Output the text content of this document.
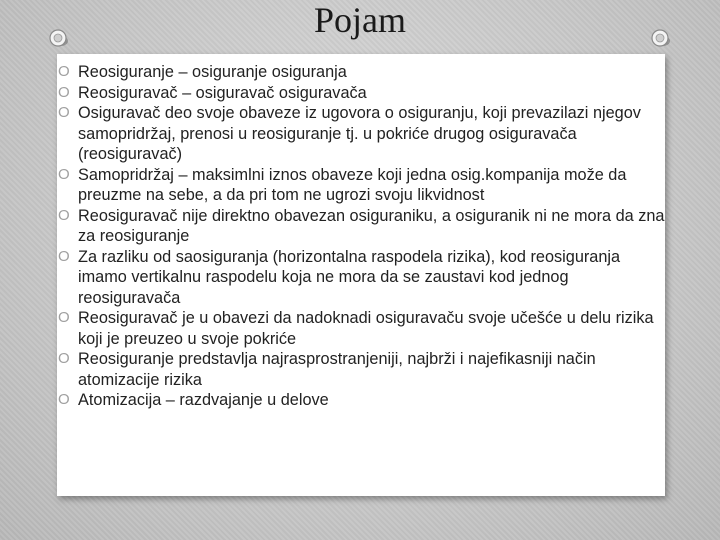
Pojam
O Reosiguranje – osiguranje osiguranja
O Reosiguravač – osiguravač osiguravača
O Osiguravač deo svoje obaveze iz ugovora o osiguranju, koji prevazilazi njegov samopridržaj, prenosi u reosiguranje tj. u pokriće drugog osiguravača (reosiguravač)
O Samopridržaj – maksimlni iznos obaveze koji jedna osig.kompanija može da preuzme na sebe, a da pri tom ne ugrozi svoju likvidnost
O Reosiguravač nije direktno obavezan osiguraniku, a osiguranik ni ne mora da zna za reosiguranje
O Za razliku od saosiguranja (horizontalna raspodela rizika), kod reosiguranja imamo vertikalnu raspodelu koja ne mora da se zaustavi kod jednog reosiguravača
O Reosiguravač je u obavezi da nadoknadi osiguravaču svoje učešće u delu rizika koji je preuzeo u svoje pokriće
O Reosiguranje predstavlja najrasprostranjeniji, najbrži i najefikasniji način atomizacije rizika
O Atomizacija – razdvajanje u delove
